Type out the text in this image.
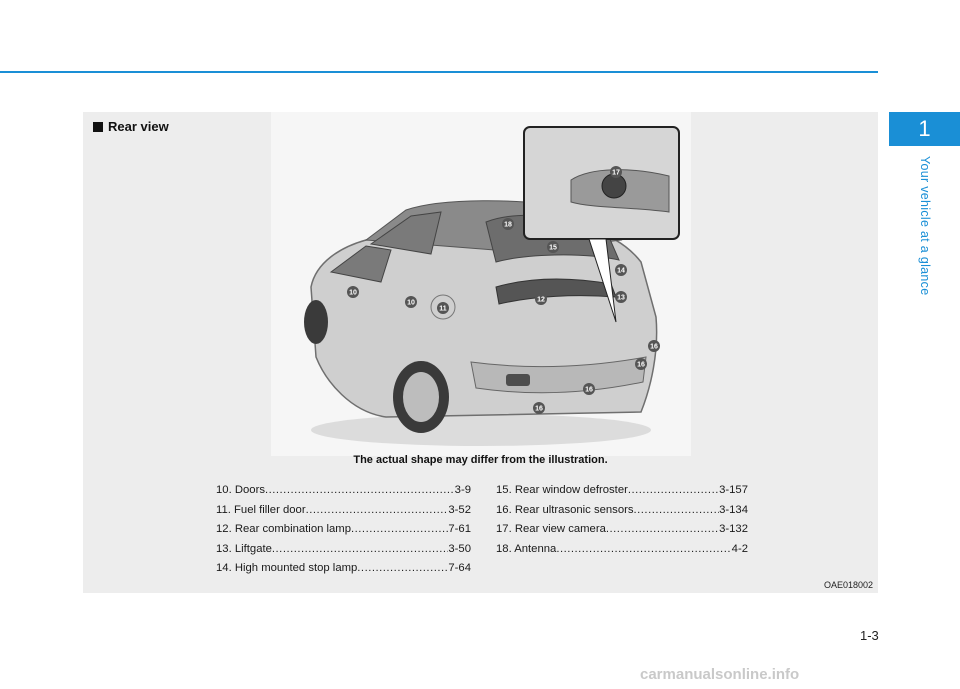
Rear view
10
10
11
12	13
14
15
16
16
16
16
17
18
The actual shape may differ from the illustration.
10. Doors .....	3-9
11. Fuel filler door .....	3-52
12. Rear combination lamp .....	7-61
13. Liftgate .....	3-50
14. High mounted stop lamp .....	7-64
15. Rear window defroster .....	3-157
16. Rear ultrasonic sensors .....	3-134
17. Rear view camera .....	3-132
18. Antenna .....	4-2
OAE018002
1
Your vehicle at a glance
1-3
carmanualsonline.info
